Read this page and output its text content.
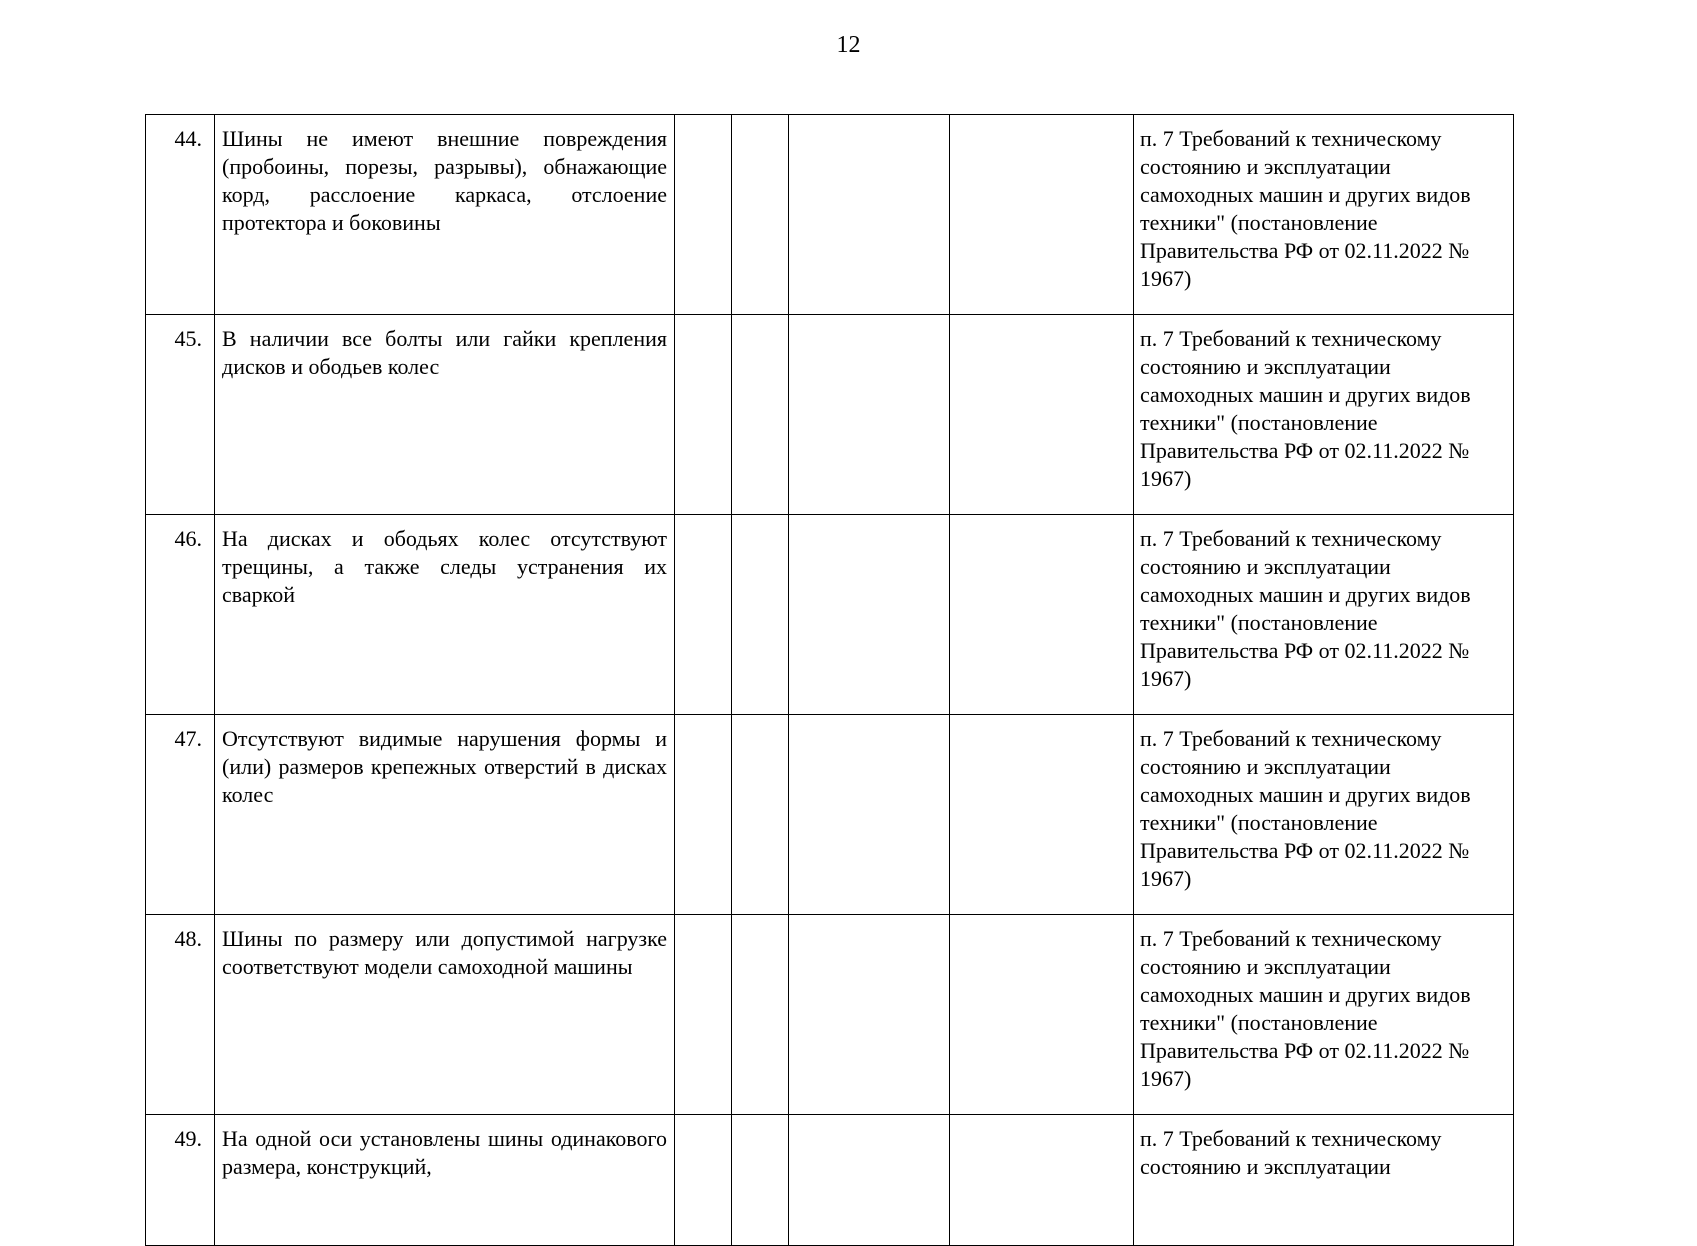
12
44.	Шины не имеют внешние повреждения (пробоины, порезы, разрывы), обнажающие корд, расслоение каркаса, отслоение протектора и боковины					п. 7 Требований к техническому состоянию и эксплуатации самоходных машин и других видов техники" (постановление Правительства РФ от 02.11.2022 № 1967)
45.	В наличии все болты или гайки крепления дисков и ободьев колес					п. 7 Требований к техническому состоянию и эксплуатации самоходных машин и других видов техники" (постановление Правительства РФ от 02.11.2022 № 1967)
46.	На дисках и ободьях колес отсутствуют трещины, а также следы устранения их сваркой					п. 7 Требований к техническому состоянию и эксплуатации самоходных машин и других видов техники" (постановление Правительства РФ от 02.11.2022 № 1967)
47.	Отсутствуют видимые нарушения формы и (или) размеров крепежных отверстий в дисках колес					п. 7 Требований к техническому состоянию и эксплуатации самоходных машин и других видов техники" (постановление Правительства РФ от 02.11.2022 № 1967)
48.	Шины по размеру или допустимой нагрузке соответствуют модели самоходной машины					п. 7 Требований к техническому состоянию и эксплуатации самоходных машин и других видов техники" (постановление Правительства РФ от 02.11.2022 № 1967)
49.	На одной оси установлены шины одинакового размера, конструкций,					п. 7 Требований к техническому состоянию и эксплуатации
